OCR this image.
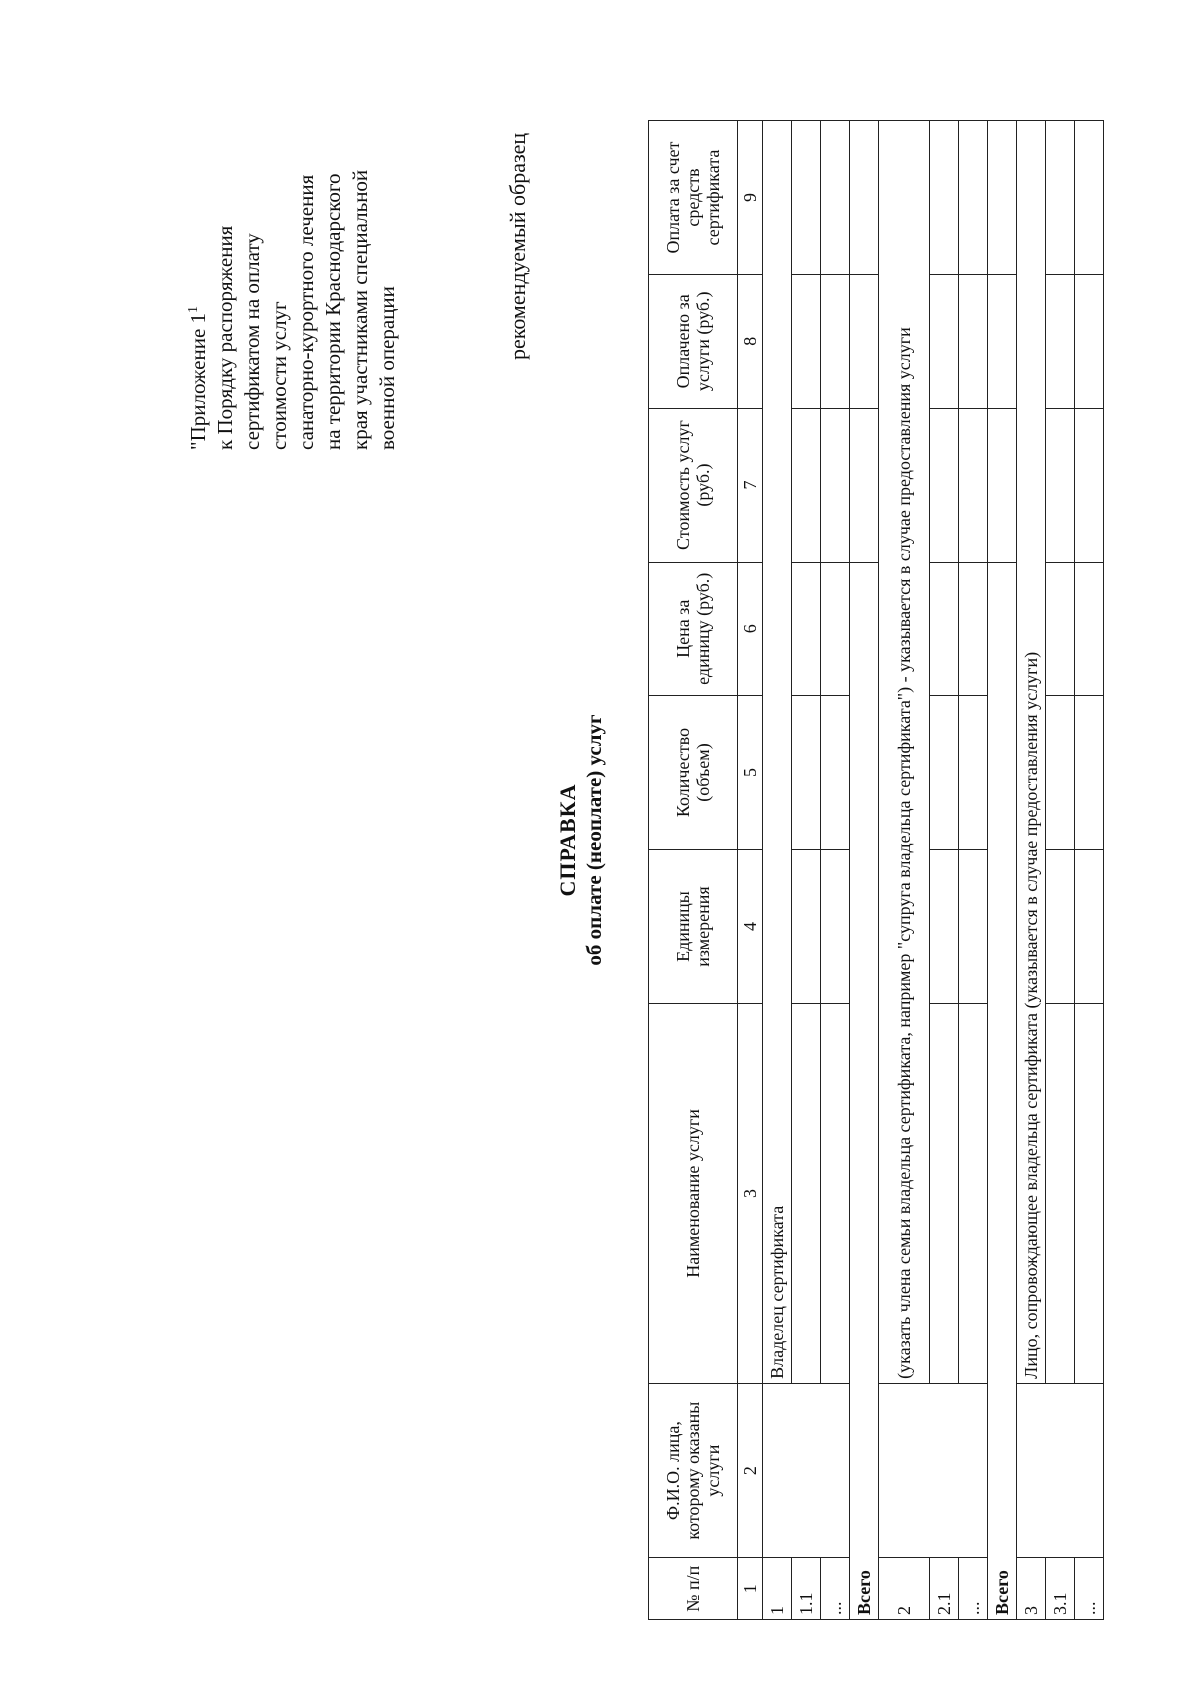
"Приложение $1^1$ к Порядку распоряжения сертификатом на оплату стоимости услуг санаторно-курортного лечения на территории Краснодарского края участниками специальной военной операции
рекомендуемый образец
СПРАВКА об оплате (неоплате) услуг
№ п/п	Ф.И.О. лица, которому оказаны услуги	Наименование услуги	Единицы измерения	Количество (объем)	Цена за единицу (руб.)	Стоимость услуг (руб.)	Оплачено за услуги (руб.)	Оплата за счет средств сертификата
1	2	3	4	5	6	7	8	9
1		Владелец сертификата						
1.1								
...								
Всего								
2		(указать члена семьи владельца сертификата, например "супруга владельца сертификата") - указывается в случае предоставления услуги						
2.1								
...								
Всего								
3		Лицо, сопровождающее владельца сертификата (указывается в случае предоставления услуги)						
3.1								
...								
